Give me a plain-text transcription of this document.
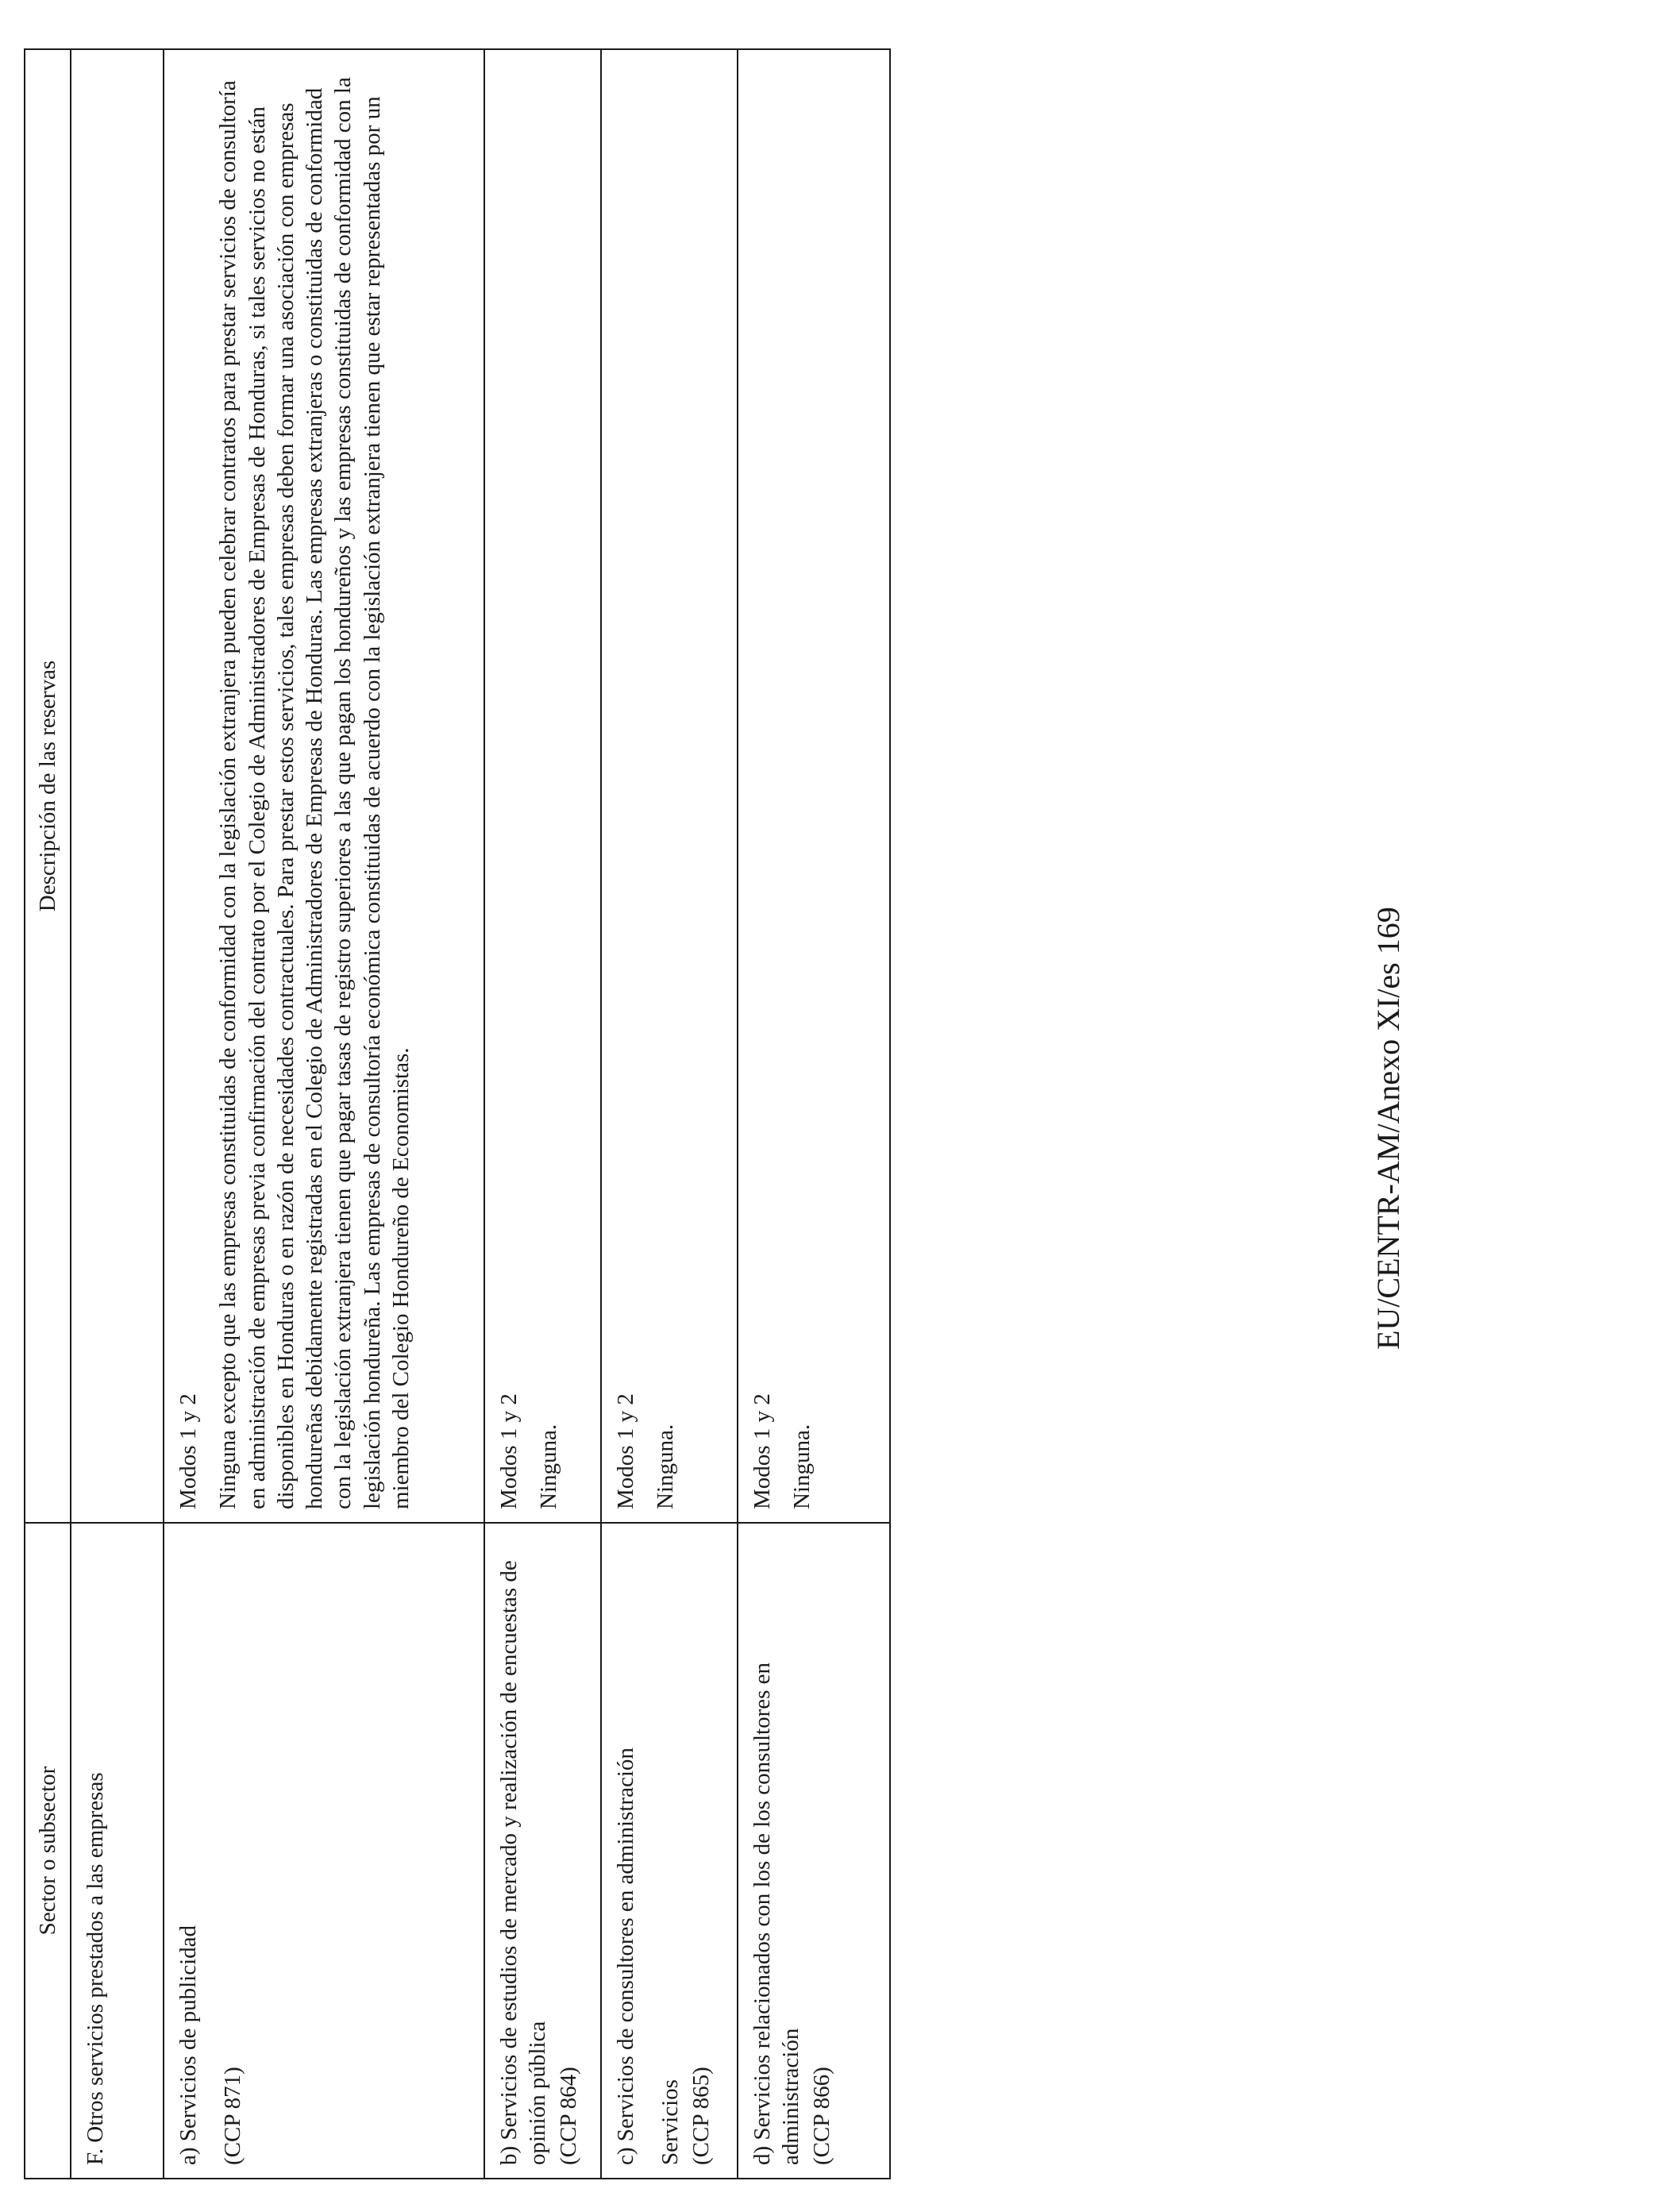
Sector o subsector	Descripción de las reservas
F. Otros servicios prestados a las empresas	

a) Servicios de publicidad (CCP 871)	Modos 1 y 2 Ninguna excepto que las empresas constituidas de conformidad con la legislación extranjera pueden celebrar contratos para prestar servicios de consultoría en administración de empresas previa confirmación del contrato por el Colegio de Administradores de Empresas de Honduras, si tales servicios no están disponibles en Honduras o en razón de necesidades contractuales. Para prestar estos servicios, tales empresas deben formar una asociación con empresas hondureñas debidamente registradas en el Colegio de Administradores de Empresas de Honduras. Las empresas extranjeras o constituidas de conformidad con la legislación extranjera tienen que pagar tasas de registro superiores a las que pagan los hondureños y las empresas constituidas de conformidad con la legislación hondureña. Las empresas de consultoría económica constituidas de acuerdo con la legislación extranjera tienen que estar representadas por un miembro del Colegio Hondureño de Economistas.

b) Servicios de estudios de mercado y realización de encuestas de opinión pública (CCP 864)	Modos 1 y 2 Ninguna.

c) Servicios de consultores en administración Servicios (CCP 865)	Modos 1 y 2 Ninguna.

d) Servicios relacionados con los de los consultores en administración (CCP 866)	Modos 1 y 2 Ninguna.
EU/CENTR-AM/Anexo XI/es 169
